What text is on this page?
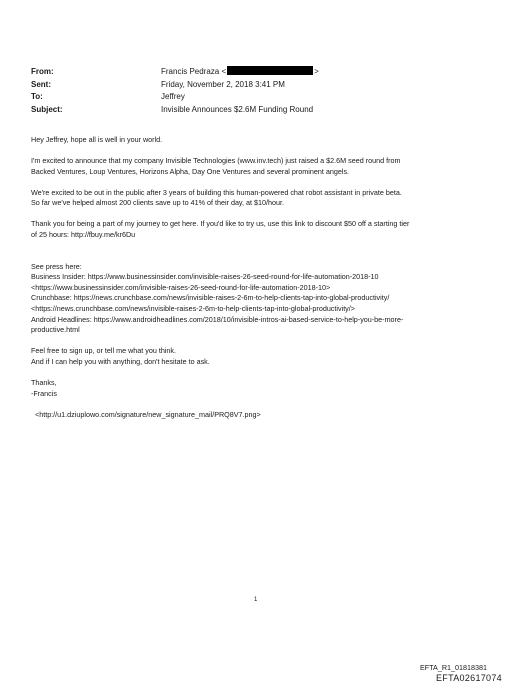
From:	Francis Pedraza <	>
Sent:	Friday, November 2, 2018 3:41 PM
To:	Jeffrey
Subject:	Invisible Announces $2.6M Funding Round

Hey Jeffrey, hope all is well in your world.

I'm excited to announce that my company Invisible Technologies (www.inv.tech) just raised a $2.6M seed round from
Backed Ventures, Loup Ventures, Horizons Alpha, Day One Ventures and several prominent angels.

We're excited to be out in the public after 3 years of building this human-powered chat robot assistant in private beta.
So far we've helped almost 200 clients save up to 41% of their day, at $10/hour.

Thank you for being a part of my journey to get here. If you'd like to try us, use this link to discount $50 off a starting tier
of 25 hours: http://fbuy.me/kr6Du

See press here:
Business Insider: https://www.businessinsider.com/invisible-raises-26-seed-round-for-life-automation-2018-10
<https://www.businessinsider.com/invisible-raises-26-seed-round-for-life-automation-2018-10>
Crunchbase: https://news.crunchbase.com/news/invisible-raises-2-6m-to-help-clients-tap-into-global-productivity/
<https://news.crunchbase.com/news/invisible-raises-2-6m-to-help-clients-tap-into-global-productivity/>
Android Headlines: https://www.androidheadlines.com/2018/10/invisible-intros-ai-based-service-to-help-you-be-more-
productive.html

Feel free to sign up, or tell me what you think.
And if I can help you with anything, don't hesitate to ask.

Thanks,
-Francis

<http://u1.dziuplowo.com/signature/new_signature_mail/PRQ8V7.png>

1
EFTA_R1_01818381
EFTA02617074
